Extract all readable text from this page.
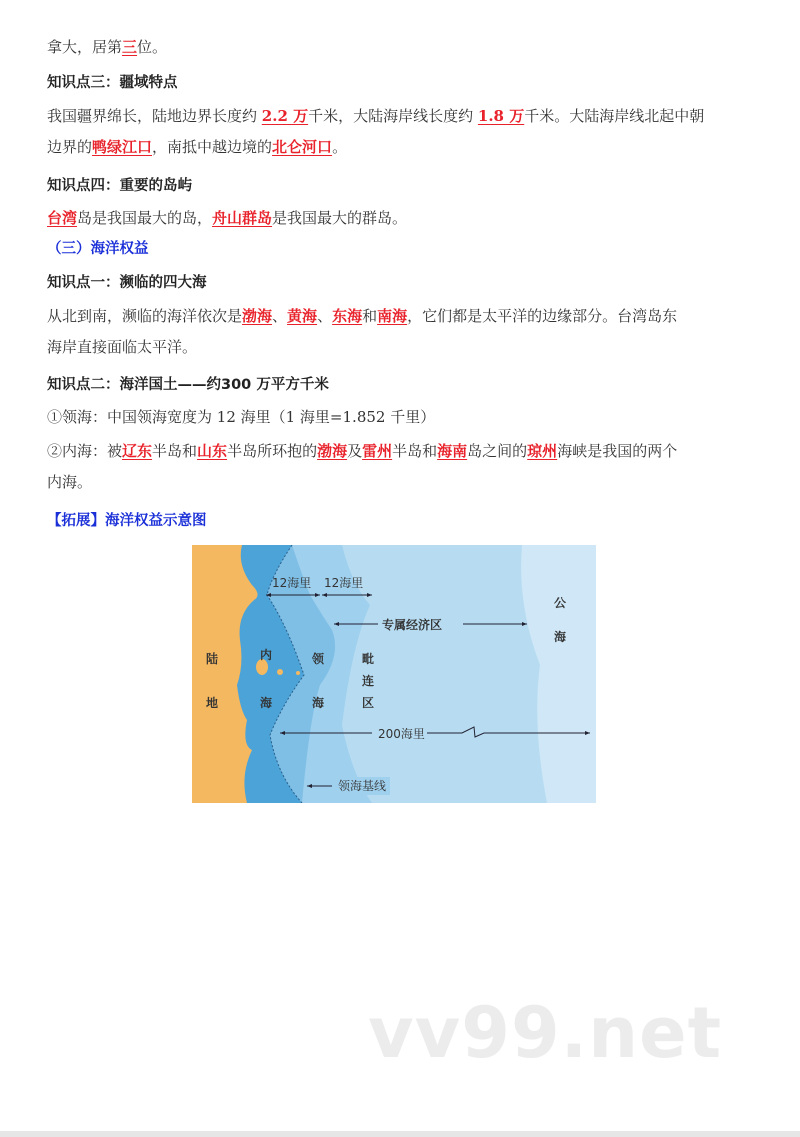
拿大，居第三位。
知识点三：疆域特点
我国疆界绵长，陆地边界长度约 2.2 万千米，大陆海岸线长度约 1.8 万千米。大陆海岸线北起中朝
边界的鸭绿江口，南抵中越边境的北仑河口。
知识点四：重要的岛屿
台湾岛是我国最大的岛，舟山群岛是我国最大的群岛。
（三）海洋权益
知识点一：濒临的四大海
从北到南，濒临的海洋依次是渤海、黄海、东海和南海，它们都是太平洋的边缘部分。台湾岛东
海岸直接面临太平洋。
知识点二：海洋国土——约300 万平方千米
①领海：中国领海宽度为 12 海里（1 海里=1.852 千里）
②内海：被辽东半岛和山东半岛所环抱的渤海及雷州半岛和海南岛之间的琼州海峡是我国的两个
内海。
【拓展】海洋权益示意图
12海里 12海里
专属经济区
200海里
领海基线
陆
地
内
海
领
海
毗
连
区
公
海
vv99.net
